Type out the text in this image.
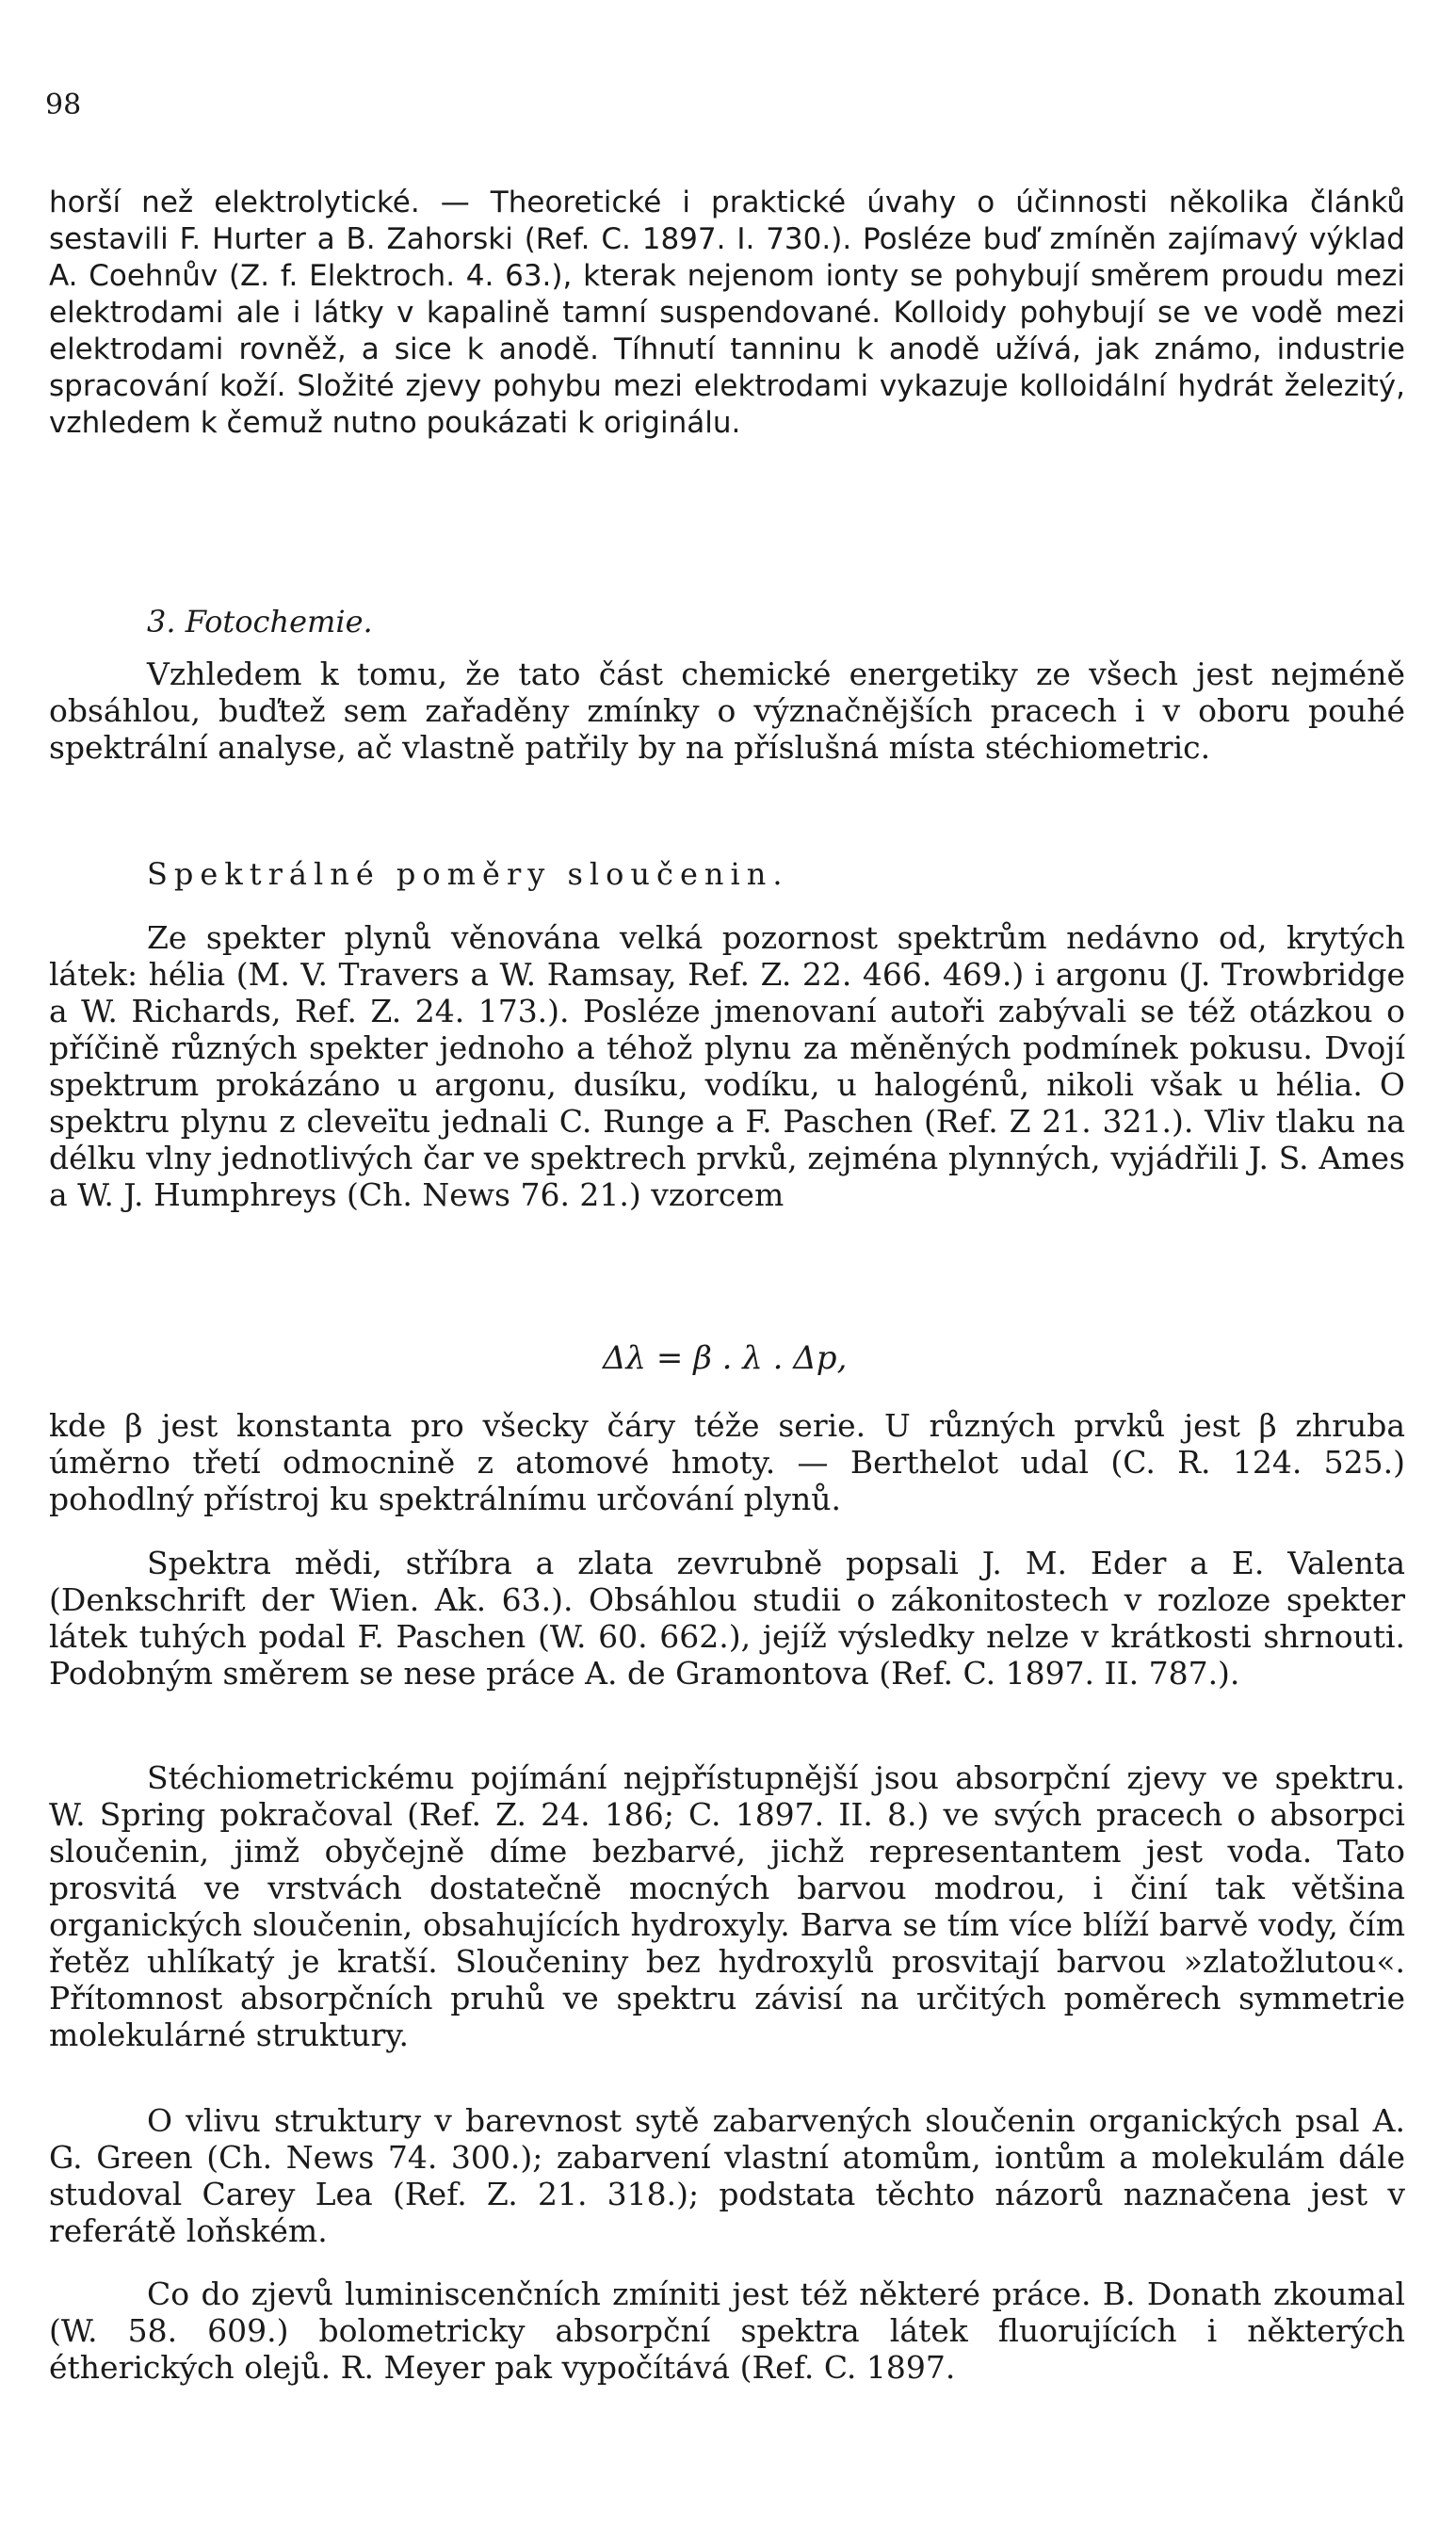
98
horší než elektrolytické. — Theoretické i praktické úvahy o účinnosti několika článků sestavili F. Hurter a B. Zahorski (Ref. C. 1897. I. 730.). Posléze buď zmíněn zajímavý výklad A. Coehnův (Z. f. Elektroch. 4. 63.), kterak nejenom ionty se pohybují směrem proudu mezi elektrodami ale i látky v kapalině tamní suspendované. Kolloidy pohybují se ve vodě mezi elektrodami rovněž, a sice k anodě. Tíhnutí tanninu k anodě užívá, jak známo, industrie spracování koží. Složité zjevy pohybu mezi elektrodami vykazuje kolloidální hydrát železitý, vzhledem k čemuž nutno poukázati k originálu.
3. Fotochemie.
Vzhledem k tomu, že tato část chemické energetiky ze všech jest nejméně obsáhlou, buďtež sem zařaděny zmínky o význačnějších pracech i v oboru pouhé spektrální analyse, ač vlastně patřily by na příslušná místa stéchiometric.
Spektrálné poměry sloučenin.
Ze spekter plynů věnována velká pozornost spektrům nedávno od, krytých látek: hélia (M. V. Travers a W. Ramsay, Ref. Z. 22. 466. 469.) i argonu (J. Trowbridge a W. Richards, Ref. Z. 24. 173.). Posléze jmenovaní autoři zabývali se též otázkou o příčině různých spekter jednoho a téhož plynu za měněných podmínek pokusu. Dvojí spektrum prokázáno u argonu, dusíku, vodíku, u halogénů, nikoli však u hélia. O spektru plynu z cleveïtu jednali C. Runge a F. Paschen (Ref. Z 21. 321.). Vliv tlaku na délku vlny jednotlivých čar ve spektrech prvků, zejména plynných, vyjádřili J. S. Ames a W. J. Humphreys (Ch. News 76. 21.) vzorcem
Δλ = β . λ . Δp,
kde β jest konstanta pro všecky čáry téže serie. U různých prvků jest β zhruba úměrno třetí odmocnině z atomové hmoty. — Berthelot udal (C. R. 124. 525.) pohodlný přístroj ku spektrálnímu určování plynů.
Spektra mědi, stříbra a zlata zevrubně popsali J. M. Eder a E. Valenta (Denkschrift der Wien. Ak. 63.). Obsáhlou studii o zákonitostech v rozloze spekter látek tuhých podal F. Paschen (W. 60. 662.), jejíž výsledky nelze v krátkosti shrnouti. Podobným směrem se nese práce A. de Gramontova (Ref. C. 1897. II. 787.).
Stéchiometrickému pojímání nejpřístupnější jsou absorpční zjevy ve spektru. W. Spring pokračoval (Ref. Z. 24. 186; C. 1897. II. 8.) ve svých pracech o absorpci sloučenin, jimž obyčejně díme bezbarvé, jichž representantem jest voda. Tato prosvitá ve vrstvách dostatečně mocných barvou modrou, i činí tak většina organických sloučenin, obsahujících hydroxyly. Barva se tím více blíží barvě vody, čím řetěz uhlíkatý je kratší. Sloučeniny bez hydroxylů prosvitají barvou »zlatožlutou«. Přítomnost absorpčních pruhů ve spektru závisí na určitých poměrech symmetrie molekulárné struktury.
O vlivu struktury v barevnost sytě zabarvených sloučenin organických psal A. G. Green (Ch. News 74. 300.); zabarvení vlastní atomům, iontům a molekulám dále studoval Carey Lea (Ref. Z. 21. 318.); podstata těchto názorů naznačena jest v referátě loňském.
Co do zjevů luminiscenčních zmíniti jest též některé práce. B. Donath zkoumal (W. 58. 609.) bolometricky absorpční spektra látek fluorujících i některých étherických olejů. R. Meyer pak vypočítává (Ref. C. 1897.
